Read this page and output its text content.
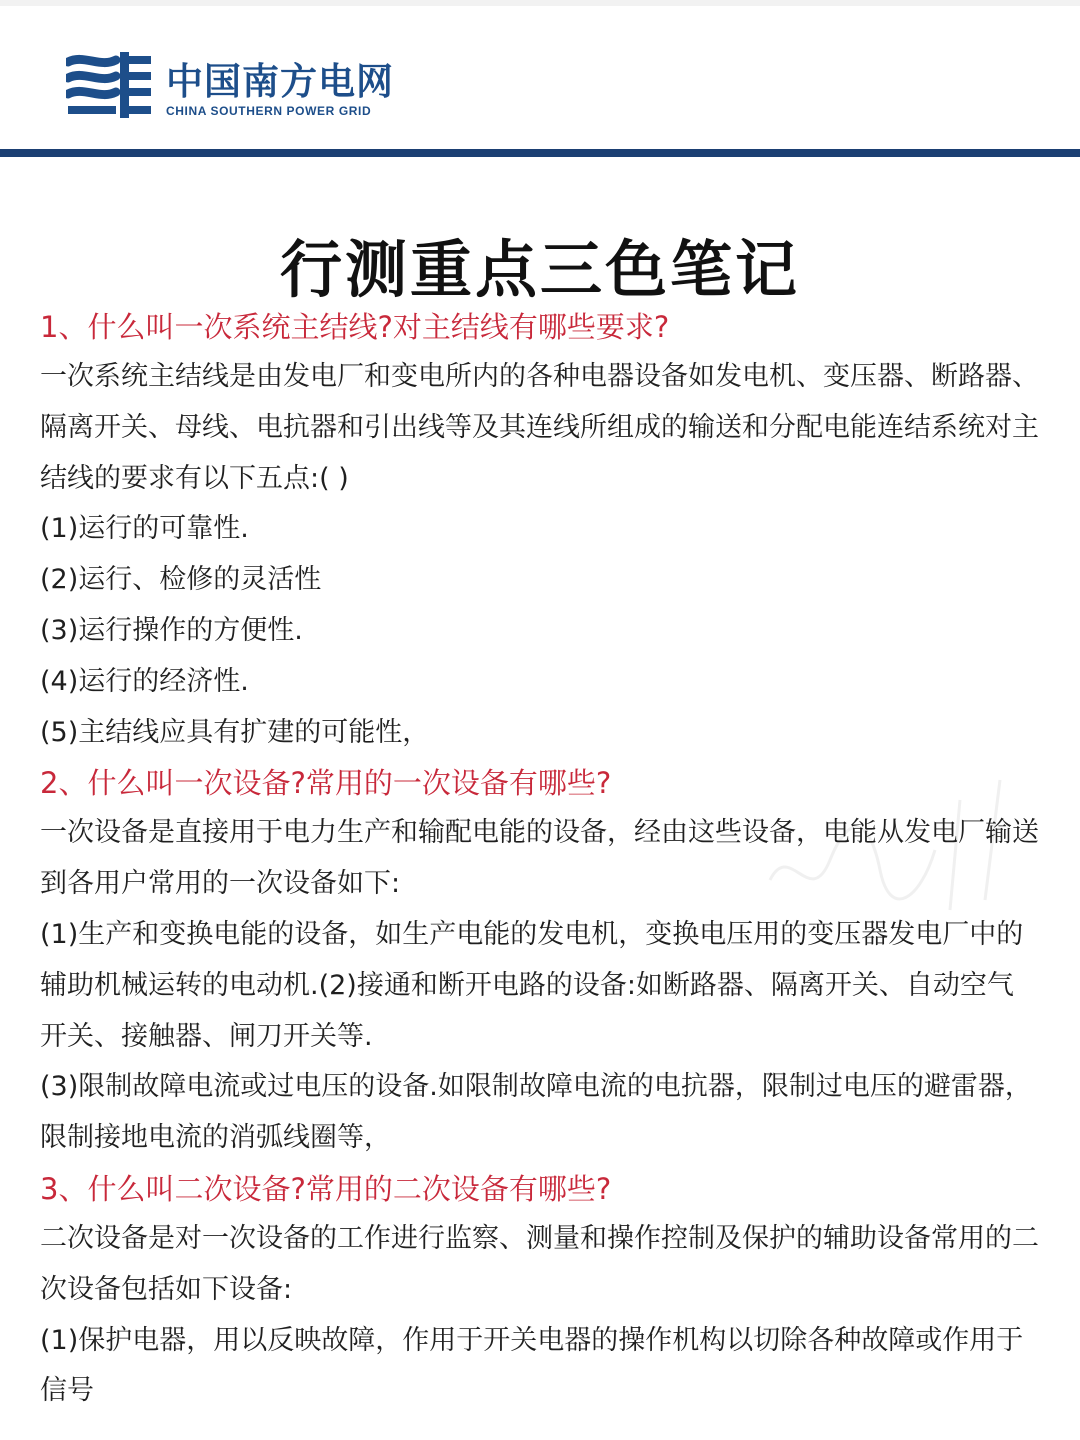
中国南方电网
CHINA SOUTHERN POWER GRID
行测重点三色笔记

1、什么叫一次系统主结线?对主结线有哪些要求?

一次系统主结线是由发电厂和变电所内的各种电器设备如发电机、变压器、断路器、隔离开关、母线、电抗器和引出线等及其连线所组成的输送和分配电能连结系统对主结线的要求有以下五点:( )

(1)运行的可靠性.

(2)运行、检修的灵活性

(3)运行操作的方便性.

(4)运行的经济性.

(5)主结线应具有扩建的可能性，

2、什么叫一次设备?常用的一次设备有哪些?

一次设备是直接用于电力生产和输配电能的设备，经由这些设备，电能从发电厂输送到各用户常用的一次设备如下:

(1)生产和变换电能的设备，如生产电能的发电机，变换电压用的变压器发电厂中的辅助机械运转的电动机.(2)接通和断开电路的设备:如断路器、隔离开关、自动空气开关、接触器、闸刀开关等.

(3)限制故障电流或过电压的设备.如限制故障电流的电抗器，限制过电压的避雷器，限制接地电流的消弧线圈等，

3、什么叫二次设备?常用的二次设备有哪些?

二次设备是对一次设备的工作进行监察、测量和操作控制及保护的辅助设备常用的二次设备包括如下设备:

(1)保护电器，用以反映故障，作用于开关电器的操作机构以切除各种故障或作用于信号
